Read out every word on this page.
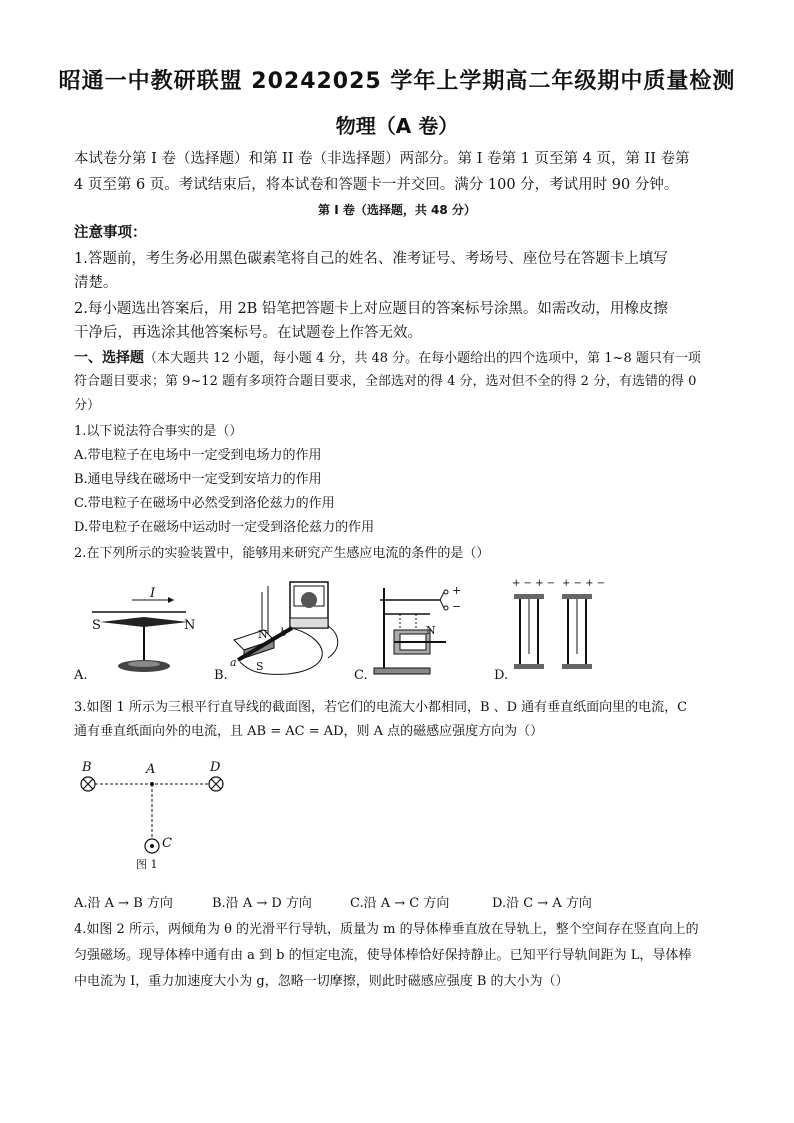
昭通一中教研联盟 20242025 学年上学期高二年级期中质量检测
物理（A 卷）
本试卷分第 I 卷（选择题）和第 II 卷（非选择题）两部分。第 I 卷第 1 页至第 4 页，第 II 卷第
4 页至第 6 页。考试结束后，将本试卷和答题卡一并交回。满分 100 分，考试用时 90 分钟。
第 I 卷（选择题，共 48 分）
注意事项：
1.答题前，考生务必用黑色碳素笔将自己的姓名、准考证号、考场号、座位号在答题卡上填写
清楚。
2.每小题选出答案后，用 2B 铅笔把答题卡上对应题目的答案标号涂黑。如需改动，用橡皮擦
干净后，再选涂其他答案标号。在试题卷上作答无效。
一、选择题（本大题共 12 小题，每小题 4 分，共 48 分。在每小题给出的四个选项中，第 1~8 题只有一项
符合题目要求；第 9~12 题有多项符合题目要求，全部选对的得 4 分，选对但不全的得 2 分，有选错的得 0
分）
1.以下说法符合事实的是（）
A.带电粒子在电场中一定受到电场力的作用
B.通电导线在磁场中一定受到安培力的作用
C.带电粒子在磁场中必然受到洛伦兹力的作用
D.带电粒子在磁场中运动时一定受到洛伦兹力的作用
2.在下列所示的实验装置中，能够用来研究产生感应电流的条件的是（）
I
S	N
A.
N
S
a
b
B.
N
+
−
C.
+ − + − + − + −
D.
3.如图 1 所示为三根平行直导线的截面图，若它们的电流大小都相同，B 、D 通有垂直纸面向里的电流，C
通有垂直纸面向外的电流，且 AB = AC = AD，则 A 点的磁感应强度方向为（）
B	A	D
C
图 1
A.沿 A → B 方向	B.沿 A → D 方向	C.沿 A → C 方向	D.沿 C → A 方向
4.如图 2 所示，两倾角为 θ 的光滑平行导轨，质量为 m 的导体棒垂直放在导轨上，整个空间存在竖直向上的
匀强磁场。现导体棒中通有由 a 到 b 的恒定电流，使导体棒恰好保持静止。已知平行导轨间距为 L，导体棒
中电流为 I，重力加速度大小为 g，忽略一切摩擦，则此时磁感应强度 B 的大小为（）
